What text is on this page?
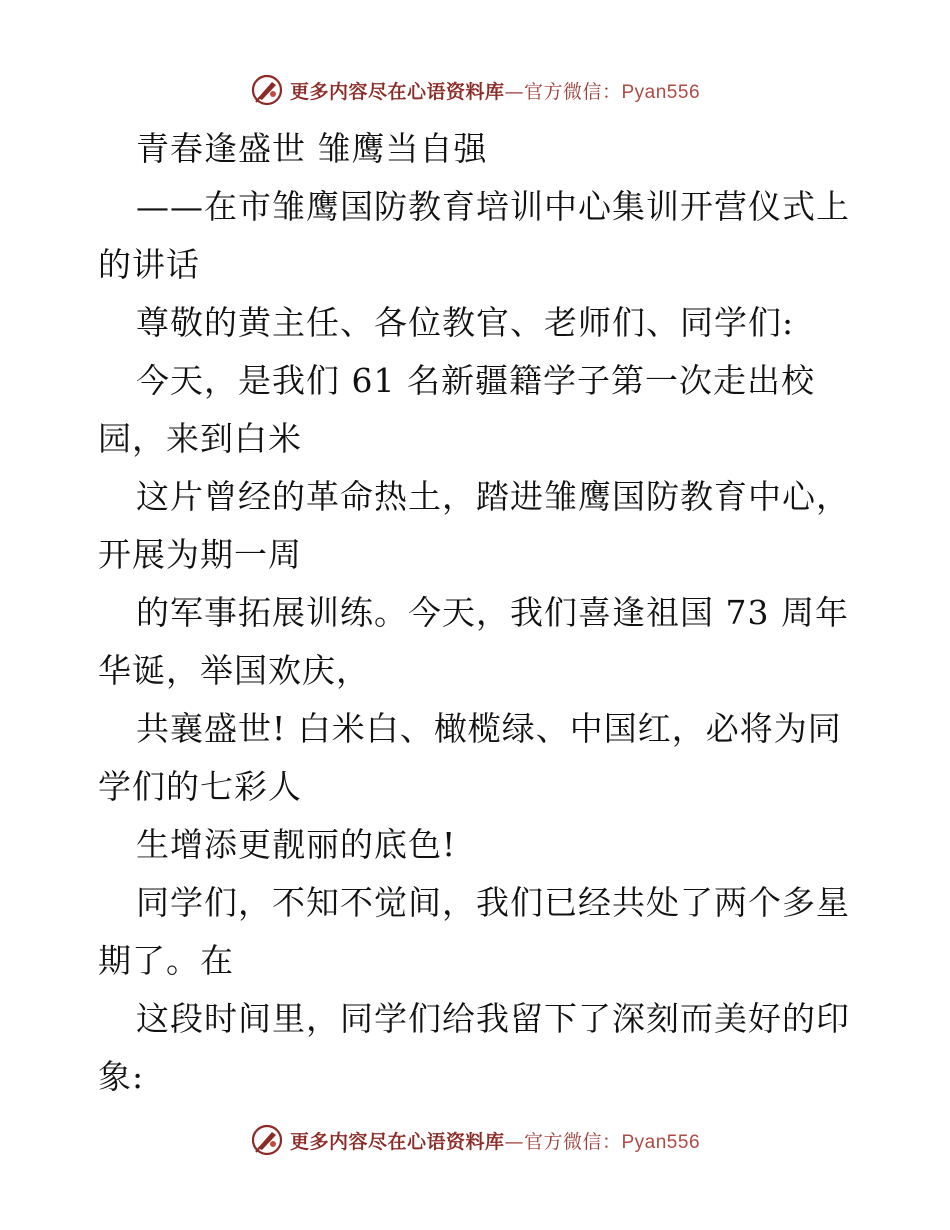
更多内容尽在心语资料库—官方微信：Pyan556
青春逢盛世 雏鹰当自强
——在市雏鹰国防教育培训中心集训开营仪式上
的讲话
尊敬的黄主任、各位教官、老师们、同学们:
今天，是我们 61 名新疆籍学子第一次走出校
园，来到白米
这片曾经的革命热土，踏进雏鹰国防教育中心，
开展为期一周
的军事拓展训练。今天，我们喜逢祖国 73 周年
华诞，举国欢庆，
共襄盛世! 白米白、橄榄绿、中国红，必将为同
学们的七彩人
生增添更靓丽的底色!
同学们，不知不觉间，我们已经共处了两个多星
期了。在
这段时间里，同学们给我留下了深刻而美好的印
象:
更多内容尽在心语资料库—官方微信：Pyan556
